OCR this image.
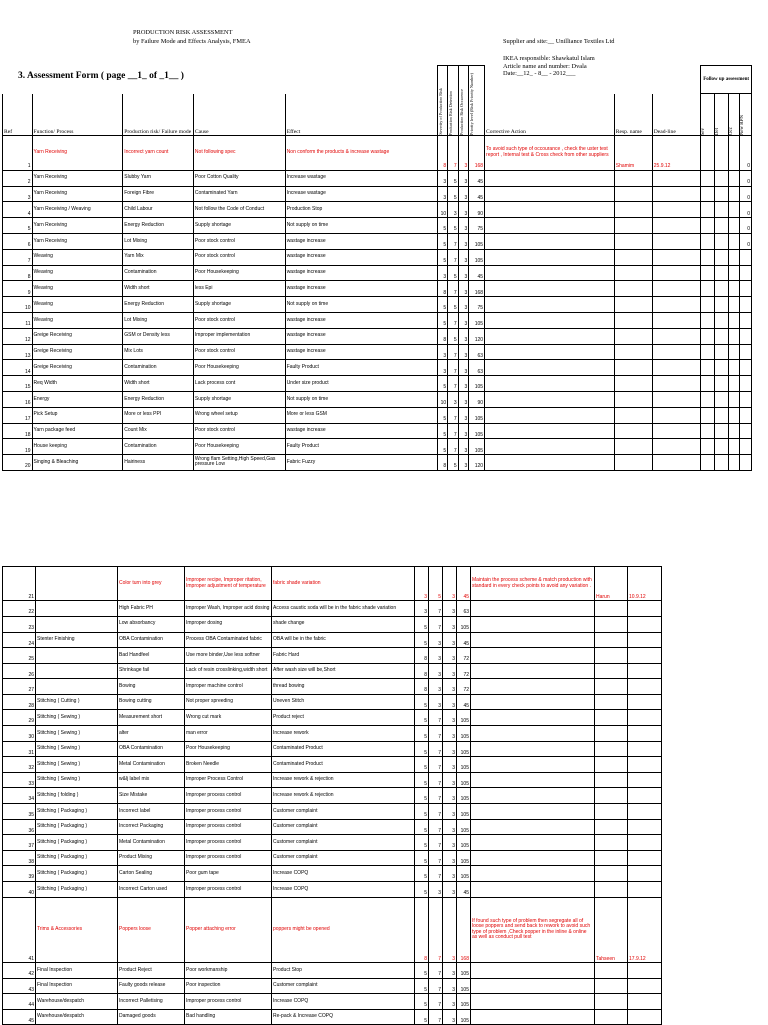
PRODUCTION RISK ASSESSMENT
by Failure Mode and Effects Analysis, FMEA	Supplier and site:__ Unilliance Textiles Ltd
IKEA responsible: Shawkatul Islam
Article name and number: Dvala
Date:__12_ - 8__ - 2012___
3. Assessment Form ( page __1_ of _1__ )

					Severity of Production Risk	Production Risk Detection	Production Risk Occurence	Priority level (Risk Priority Number)				Follow up assessment			
Ref	Function/ Process	Production risk/ Failure mode	Cause	Effect					Corrective Action	Resp. name	Dead-line	Sev	Det	Occ	New RPN
1	Yarn Receiving	Incorrect yarn count	Not following spec	Non conform the products & increase wastage	8	7	3	168	To avoid such type of occourance , check the uster test report , Internal test & Cross check from other suppliers	Shamim	25.9.12				0
2	Yarn Receiving	Slubby Yarn	Poor Cotton Quality	Increase wastage	3	5	3	45							0
3	Yarn Receiving	Foreign Fibre	Contaminated Yarn	Increase wastage	3	5	3	45							0
4	Yarn Receiving / Weaving	Child Labour	Not follow the Code of Conduct	Production Stop	10	3	3	90							0
5	Yarn Receiving	Energy Reduction	Supply shortage	Not supply on time	5	5	3	75							0
6	Yarn Receiving	Lot Mixing	Poor stock control	wastage increase	5	7	3	105							0
7	Weaving	Yarn Mix	Poor stock control	wastage increase	5	7	3	105							
8	Weaving	Contamination	Poor Housekeeping	wastage increase	3	5	3	45							
9	Weaving	Width short	less Epi	wastage increase	8	7	3	168							
10	Weaving	Energy Reduction	Supply shortage	Not supply on time	5	5	3	75							
11	Weaving	Lot Mixing	Poor stock control	wastage increase	5	7	3	105							
12	Greige Receiving	GSM or Density less	Improper implementation	wastage increase	8	5	3	120							
13	Greige Receiving	Mix Lots	Poor stock control	wastage increase	3	7	3	63							
14	Greige Receiving	Contamination	Poor Housekeeping	Faulty Product	3	7	3	63							
15	Req Width	Width short	Lack process cont	Under size product	5	7	3	105							
16	Energy	Energy Reduction	Supply shortage	Not supply on time	10	3	3	90							
17	Pick Setup	More or less PPI	Wrong wheel setup	More or less GSM	5	7	3	105							
18	Yarn package feed	Count Mix	Poor stock control	wastage increase	5	7	3	105							
19	House keeping	Contamination	Poor Housekeeping	Faulty Product	5	7	3	105							
20	Singing & Bleaching	Hairiness	Wrong flam Setting,High Speed,Gas pressure Low	Fabric Fuzzy	8	5	3	120							
21		Color turn into grey	Improper recipe, Improper ritation, Improper adjustment of temperature	fabric shade variation	3	5	3	45	Maintain the process scheme & match production with standard in every check points to avoid any variation .	Harun	10.9.12
22		High Fabric PH	Improper Wash, Improper acid dosing	Access caustic soda will be in the fabric shade variation	3	7	3	63			
23		Low absorbancy	Improper dosing	shade change	5	7	3	105			
24	Stenter Finishing	OBA Contamination	Process OBA Contaminated fabric	OBA will be in the fabric	5	3	3	45			
25		Bad Handfeel	Use more binder,Use less softner	Fabric Hard	8	3	3	72			
26		Shrinkage fail	Lack of resin crosslinking,width short	After wash size will be,Short	8	3	3	72			
27		Bowing	Improper machine control	thread bowing	8	3	3	72			
28	Stitching ( Cutting )	Bowing cutting	Not proper spreeding	Uneven Stitch	5	3	3	45			
29	Stitching ( Sewing )	Measurement short	Wrong cut mark	Product reject	5	7	3	105			
30	Stitching ( Sewing )	alter	man error	Increase rework	5	7	3	105			
31	Stitching ( Sewing )	OBA Contamination	Poor Housekeeping	Contaminated Product	5	7	3	105			
32	Stitching ( Sewing )	Metal Contamination	Broken Needle	Contaminated Product	5	7	3	105			
33	Stitching ( Sewing )	w&lj label mix	Improper Process Control	Increase rework & rejection	5	7	3	105			
34	Stitching ( folding )	Size Mistake	Improper process control	Increase rework & rejection	5	7	3	105			
35	Stitching ( Packaging )	Incorrect label	Improper process control	Customer complaint	5	7	3	105			
36	Stitching ( Packaging )	Incorrect Packaging	Improper process control	Customer complaint	5	7	3	105			
37	Stitching ( Packaging )	Metal Contamination	Improper process control	Customer complaint	5	7	3	105			
38	Stitching ( Packaging )	Product Mixing	Improper process control	Customer complaint	5	7	3	105			
39	Stitching ( Packaging )	Carton Sealing	Poor gum tape	Increase COPQ	5	7	3	105			
40	Stitching ( Packaging )	Incorrect Carton used	Improper process control	Increase COPQ	5	3	3	45			
41	Trims & Accessories	Poppers loose	Popper attaching error	poppers might be opened	8	7	3	168	If found such type of problem then segregate all of loose poppers and send back to rework to avoid such type of problem ,Check popper in the inline & online as well as conduct pull test	Tahseen	17.9.12
42	Final Inspection	Product Reject	Poor workmanship	Product Stop	5	7	3	105			
43	Final Inspection	Faulty goods release	Poor inspection	Customer complaint	5	7	3	105			
44	Warehouse/despatch	Incorrect Palletising	Improper process control	Increase COPQ	5	7	3	105			
45	Warehouse/despatch	Damaged goods	Bad handling	Re-pack & Increase COPQ	5	7	3	105			
